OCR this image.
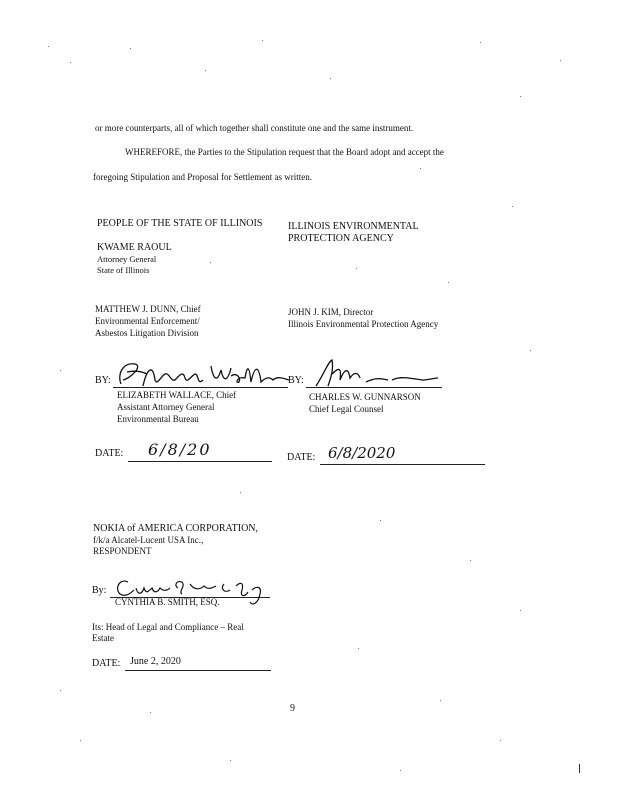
or more counterparts, all of which together shall constitute one and the same instrument.
WHEREFORE, the Parties to the Stipulation request that the Board adopt and accept the
foregoing Stipulation and Proposal for Settlement as written.
PEOPLE OF THE STATE OF ILLINOIS
KWAME RAOUL
Attorney General
State of Illinois
MATTHEW J. DUNN, Chief
Environmental Enforcement/
Asbestos Litigation Division
ILLINOIS ENVIRONMENTAL
PROTECTION AGENCY
JOHN J. KIM, Director
Illinois Environmental Protection Agency
BY:
ELIZABETH WALLACE, Chief
Assistant Attorney General
Environmental Bureau
BY:
CHARLES W. GUNNARSON
Chief Legal Counsel
DATE: 6/8/20	DATE: 6/8/2020
NOKIA of AMERICA CORPORATION,
f/k/a Alcatel-Lucent USA Inc.,
RESPONDENT
By:
CYNTHIA B. SMITH, ESQ.
Its: Head of Legal and Compliance – Real
Estate
DATE: June 2, 2020
9
